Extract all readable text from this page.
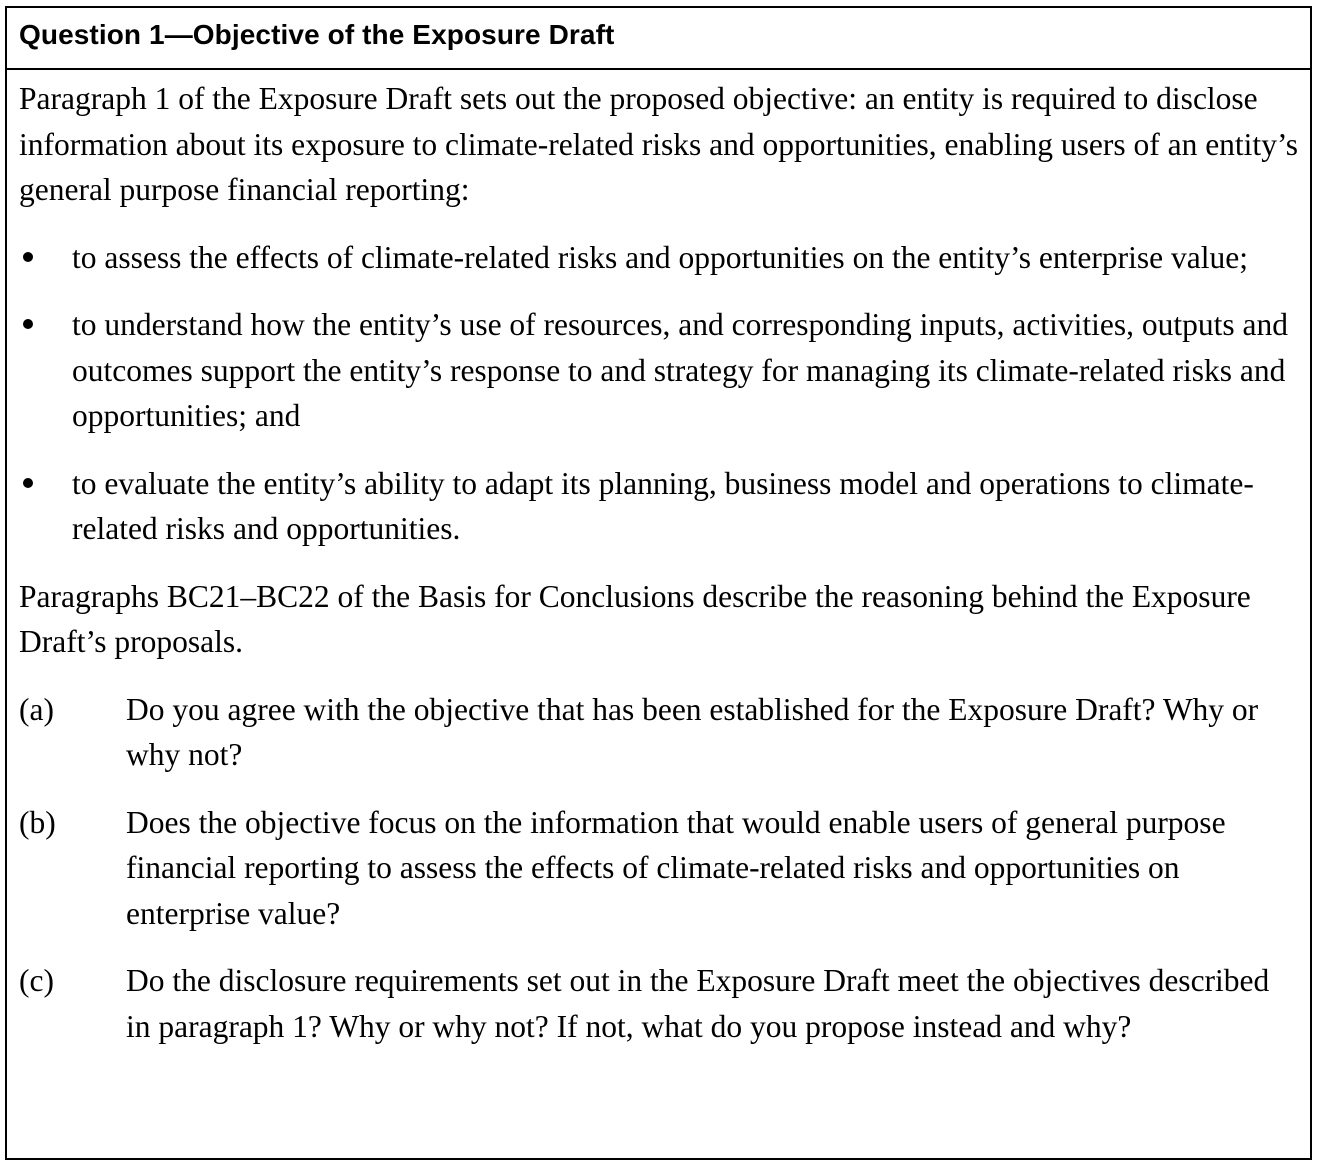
Question 1—Objective of the Exposure Draft

Paragraph 1 of the Exposure Draft sets out the proposed objective: an entity is required to disclose information about its exposure to climate-related risks and opportunities, enabling users of an entity’s general purpose financial reporting:

to assess the effects of climate-related risks and opportunities on the entity’s enterprise value;
to understand how the entity’s use of resources, and corresponding inputs, activities, outputs and outcomes support the entity’s response to and strategy for managing its climate-related risks and opportunities; and
to evaluate the entity’s ability to adapt its planning, business model and operations to climate-related risks and opportunities.

Paragraphs BC21–BC22 of the Basis for Conclusions describe the reasoning behind the Exposure Draft’s proposals.

(a) Do you agree with the objective that has been established for the Exposure Draft? Why or why not?
(b) Does the objective focus on the information that would enable users of general purpose financial reporting to assess the effects of climate-related risks and opportunities on enterprise value?
(c) Do the disclosure requirements set out in the Exposure Draft meet the objectives described in paragraph 1? Why or why not? If not, what do you propose instead and why?
